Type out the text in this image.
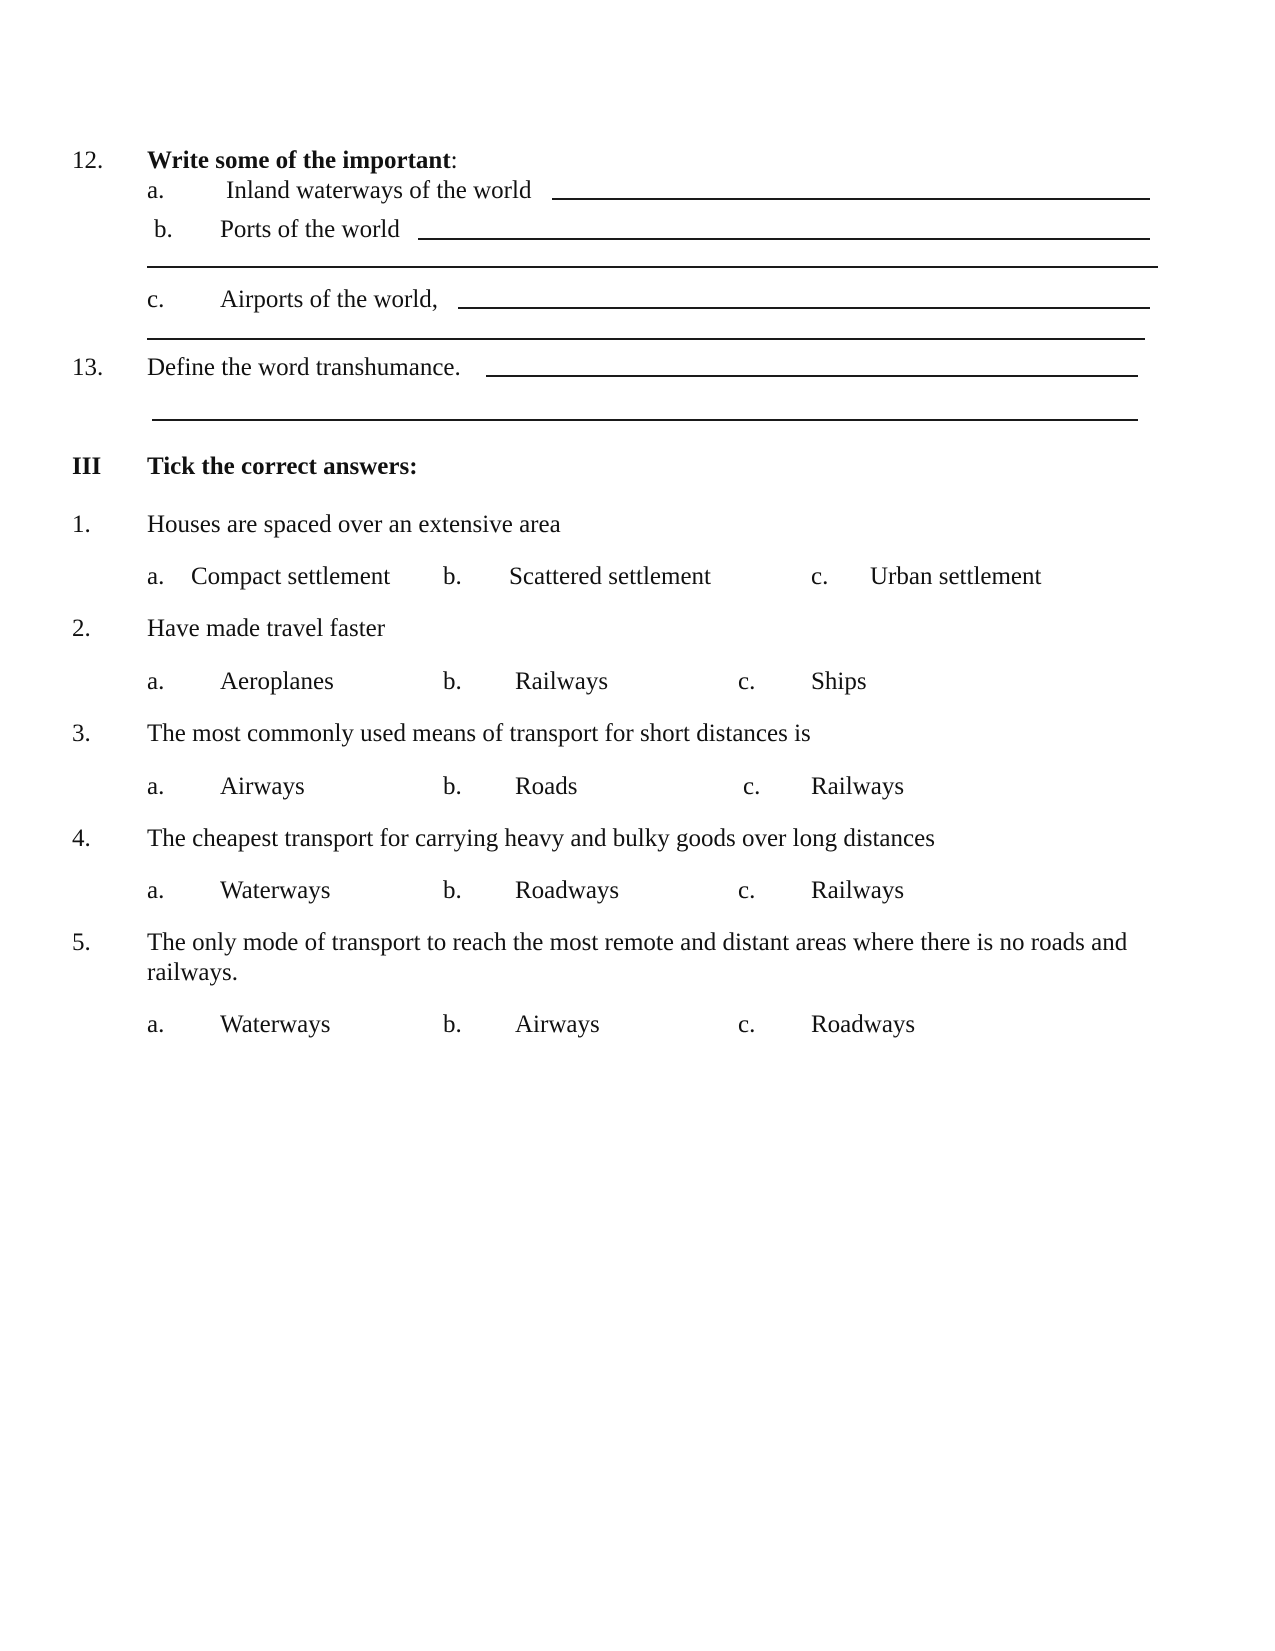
12. Write some of the important:
a. Inland waterways of the world
b. Ports of the world
c. Airports of the world,
13. Define the word transhumance.
III Tick the correct answers:
1. Houses are spaced over an extensive area
a. Compact settlement b. Scattered settlement	c. Urban settlement
2. Have made travel faster
a. Aeroplanes	b. Railways	c. Ships
3. The most commonly used means of transport for short distances is
a. Airways	b. Roads	c. Railways
4. The cheapest transport for carrying heavy and bulky goods over long distances
a. Waterways	b. Roadways	c. Railways
5. The only mode of transport to reach the most remote and distant areas where there is no roads and
railways.
a. Waterways	b. Airways	c. Roadways
